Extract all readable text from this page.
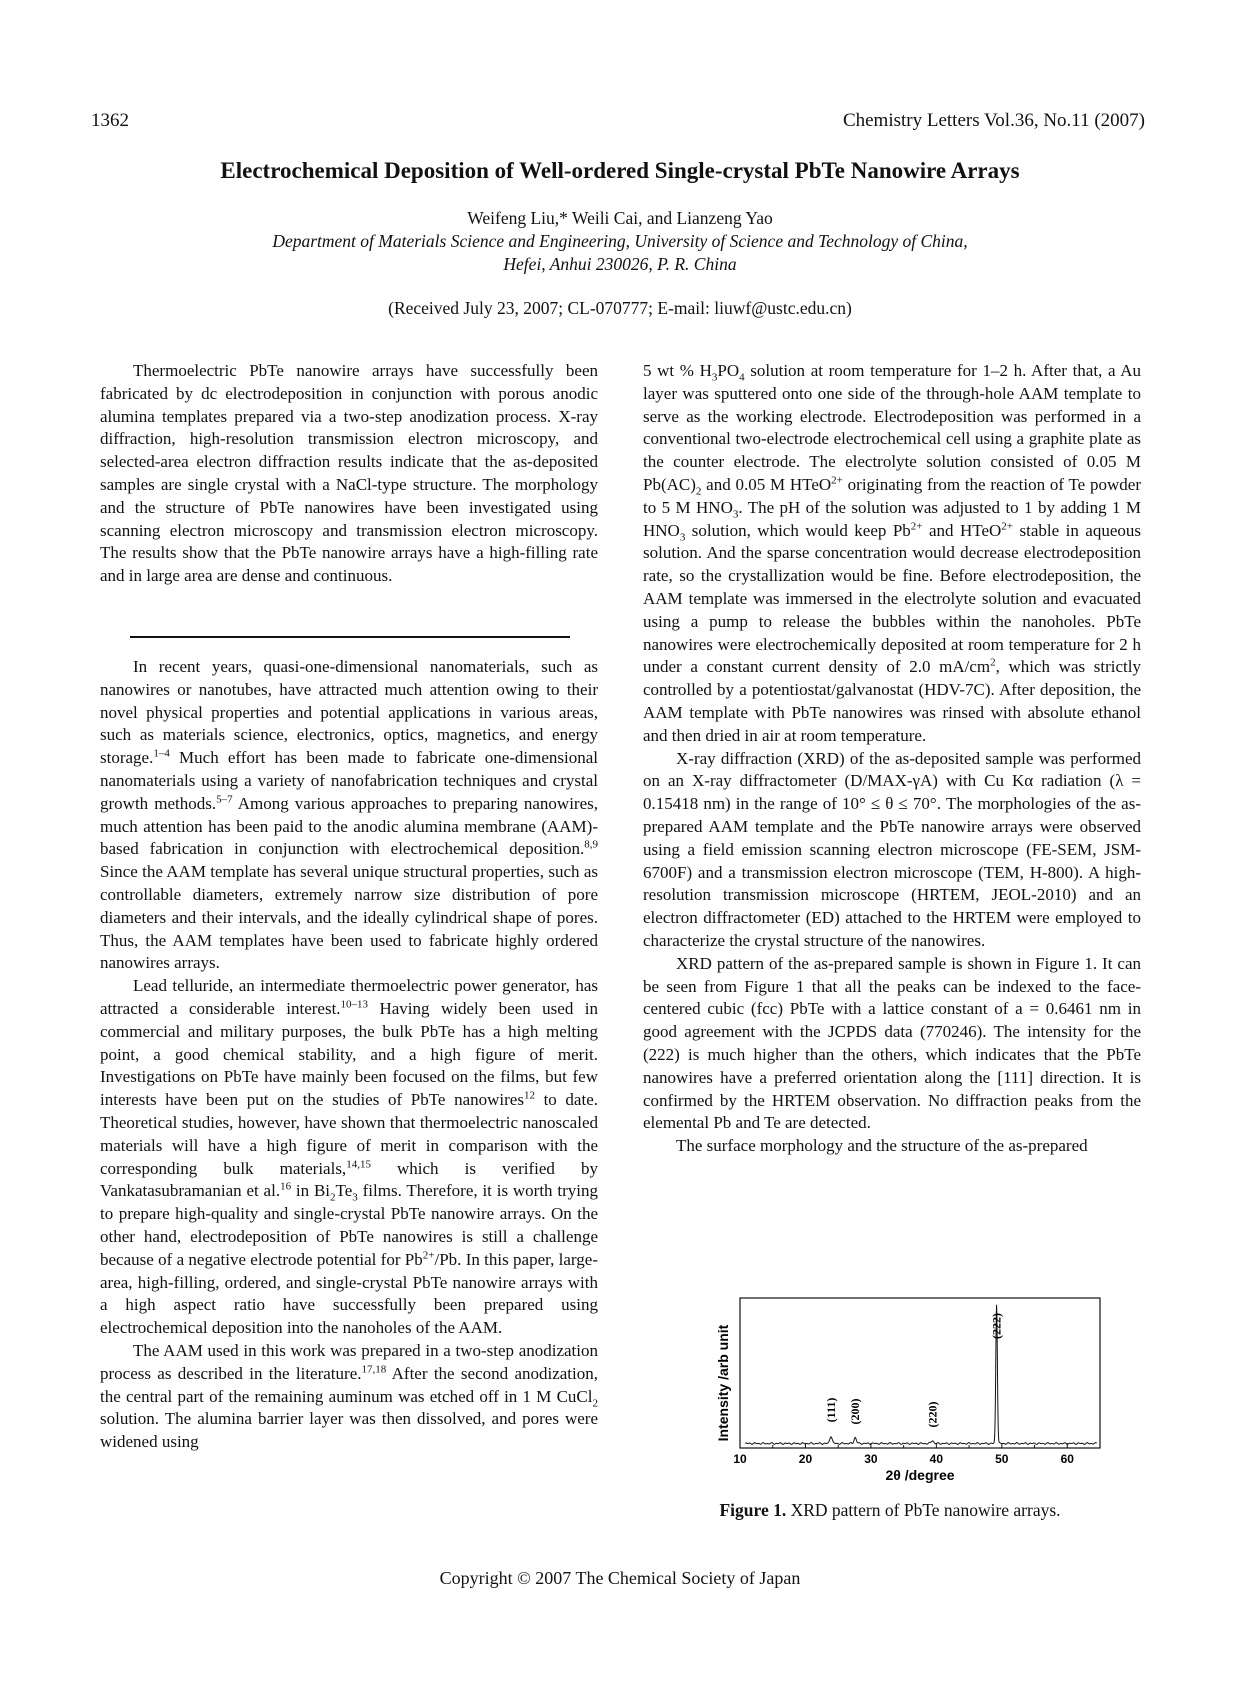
1362	Chemistry Letters Vol.36, No.11 (2007)
Electrochemical Deposition of Well-ordered Single-crystal PbTe Nanowire Arrays
Weifeng Liu,* Weili Cai, and Lianzeng Yao
Department of Materials Science and Engineering, University of Science and Technology of China,
Hefei, Anhui 230026, P. R. China
(Received July 23, 2007; CL-070777; E-mail: liuwf@ustc.edu.cn)

Thermoelectric PbTe nanowire arrays have successfully been fabricated by dc electrodeposition in conjunction with porous anodic alumina templates prepared via a two-step anodization process. X-ray diffraction, high-resolution transmission electron microscopy, and selected-area electron diffraction results indicate that the as-deposited samples are single crystal with a NaCl-type structure. The morphology and the structure of PbTe nanowires have been investigated using scanning electron microscopy and transmission electron microscopy. The results show that the PbTe nanowire arrays have a high-filling rate and in large area are dense and continuous.

In recent years, quasi-one-dimensional nanomaterials, such as nanowires or nanotubes, have attracted much attention owing to their novel physical properties and potential applications in various areas, such as materials science, electronics, optics, magnetics, and energy storage.$^{1-4}$ Much effort has been made to fabricate one-dimensional nanomaterials using a variety of nanofabrication techniques and crystal growth methods.$^{5-7}$ Among various approaches to preparing nanowires, much attention has been paid to the anodic alumina membrane (AAM)-based fabrication in conjunction with electrochemical deposition.$^{8,9}$ Since the AAM template has several unique structural properties, such as controllable diameters, extremely narrow size distribution of pore diameters and their intervals, and the ideally cylindrical shape of pores. Thus, the AAM templates have been used to fabricate highly ordered nanowires arrays.

Lead telluride, an intermediate thermoelectric power generator, has attracted a considerable interest.$^{10-13}$ Having widely been used in commercial and military purposes, the bulk PbTe has a high melting point, a good chemical stability, and a high figure of merit. Investigations on PbTe have mainly been focused on the films, but few interests have been put on the studies of PbTe nanowires$^{12}$ to date. Theoretical studies, however, have shown that thermoelectric nanoscaled materials will have a high figure of merit in comparison with the corresponding bulk materials,$^{14,15}$ which is verified by Vankatasubramanian et al.$^{16}$ in $Bi_2Te_3$ films. Therefore, it is worth trying to prepare high-quality and single-crystal PbTe nanowire arrays. On the other hand, electrodeposition of PbTe nanowires is still a challenge because of a negative electrode potential for $Pb^{2+}/Pb$. In this paper, large-area, high-filling, ordered, and single-crystal PbTe nanowire arrays with a high aspect ratio have successfully been prepared using electrochemical deposition into the nanoholes of the AAM.

The AAM used in this work was prepared in a two-step anodization process as described in the literature.$^{17,18}$ After the second anodization, the central part of the remaining auminum was etched off in 1 M CuCl$_2$ solution. The alumina barrier layer was then dissolved, and pores were widened using

5 wt % $H_3PO_4$ solution at room temperature for 1–2 h. After that, a Au layer was sputtered onto one side of the through-hole AAM template to serve as the working electrode. Electrodeposition was performed in a conventional two-electrode electrochemical cell using a graphite plate as the counter electrode. The electrolyte solution consisted of 0.05 M $Pb(AC)_2$ and 0.05 M HTeO$^{2+}$ originating from the reaction of Te powder to 5 M $HNO_3$. The pH of the solution was adjusted to 1 by adding 1 M $HNO_3$ solution, which would keep $Pb^{2+}$ and HTeO$^{2+}$ stable in aqueous solution. And the sparse concentration would decrease electrodeposition rate, so the crystallization would be fine. Before electrodeposition, the AAM template was immersed in the electrolyte solution and evacuated using a pump to release the bubbles within the nanoholes. PbTe nanowires were electrochemically deposited at room temperature for 2 h under a constant current density of 2.0 $mA/cm^2$, which was strictly controlled by a potentiostat/galvanostat (HDV-7C). After deposition, the AAM template with PbTe nanowires was rinsed with absolute ethanol and then dried in air at room temperature.

X-ray diffraction (XRD) of the as-deposited sample was performed on an X-ray diffractometer (D/MAX-γA) with Cu Kα radiation (λ = 0.15418 nm) in the range of 10° ≤ θ ≤ 70°. The morphologies of the as-prepared AAM template and the PbTe nanowire arrays were observed using a field emission scanning electron microscope (FE-SEM, JSM-6700F) and a transmission electron microscope (TEM, H-800). A high-resolution transmission microscope (HRTEM, JEOL-2010) and an electron diffractometer (ED) attached to the HRTEM were employed to characterize the crystal structure of the nanowires.

XRD pattern of the as-prepared sample is shown in Figure 1. It can be seen from Figure 1 that all the peaks can be indexed to the face-centered cubic (fcc) PbTe with a lattice constant of a = 0.6461 nm in good agreement with the JCPDS data (770246). The intensity for the (222) is much higher than the others, which indicates that the PbTe nanowires have a preferred orientation along the [111] direction. It is confirmed by the HRTEM observation. No diffraction peaks from the elemental Pb and Te are detected.

The surface morphology and the structure of the as-prepared

10	20	30	40	50	60
(111) (200)	(220)
(222)
2θ /degree
Intensity /arb unit
Figure 1. XRD pattern of PbTe nanowire arrays.
Copyright © 2007 The Chemical Society of Japan
